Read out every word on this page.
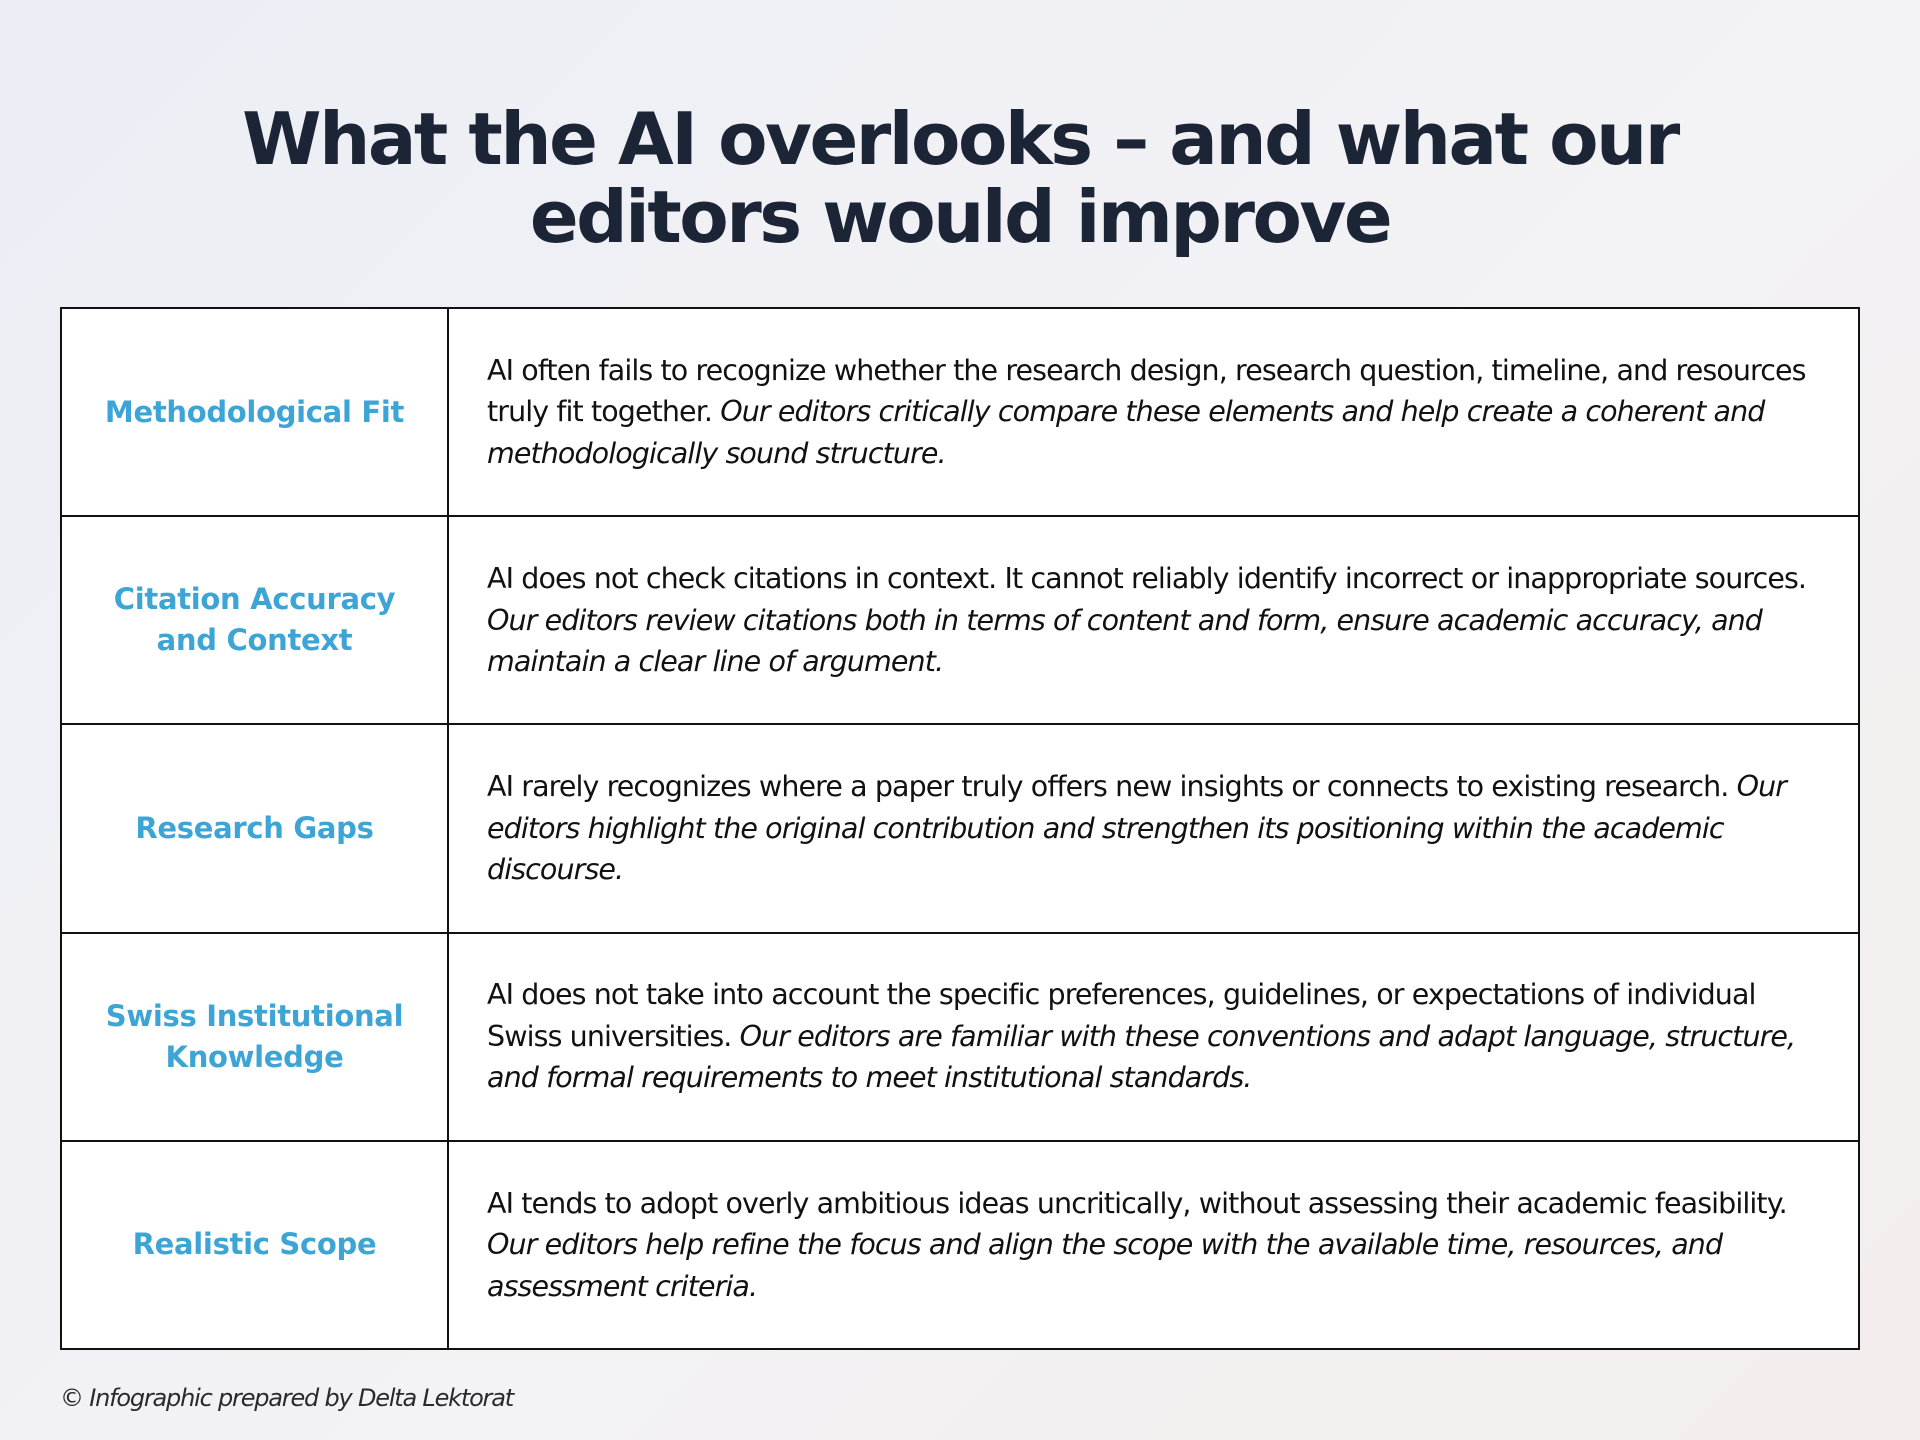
What the AI overlooks – and what our
editors would improve
Methodological Fit

AI often fails to recognize whether the research design, research question, timeline, and resources truly fit together. Our editors critically compare these elements and help create a coherent and methodologically sound structure.

Citation Accuracy
and Context

AI does not check citations in context. It cannot reliably identify incorrect or inappropriate sources. Our editors review citations both in terms of content and form, ensure academic accuracy, and maintain a clear line of argument.

Research Gaps

AI rarely recognizes where a paper truly offers new insights or connects to existing research. Our editors highlight the original contribution and strengthen its positioning within the academic discourse.

Swiss Institutional
Knowledge

AI does not take into account the specific preferences, guidelines, or expectations of individual Swiss universities. Our editors are familiar with these conventions and adapt language, structure, and formal requirements to meet institutional standards.

Realistic Scope

AI tends to adopt overly ambitious ideas uncritically, without assessing their academic feasibility. Our editors help refine the focus and align the scope with the available time, resources, and assessment criteria.

© Infographic prepared by Delta Lektorat
